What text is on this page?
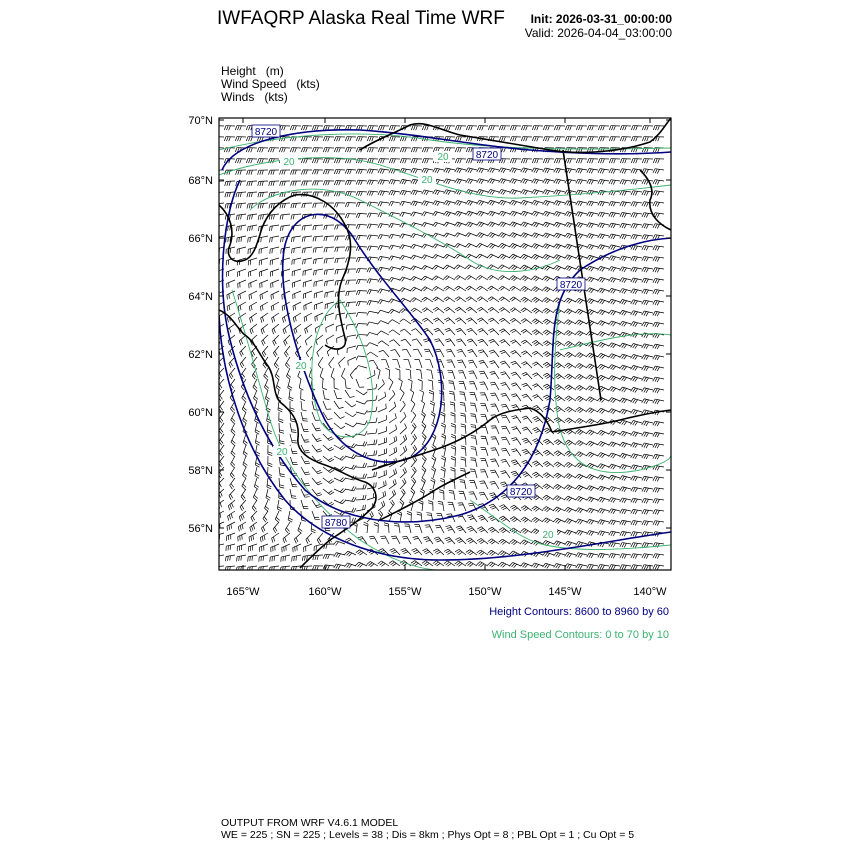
IWFAQRP Alaska Real Time WRF Init: 2026-03-31_00:00:00
Valid: 2026-04-04_03:00:00
Height (m)
Wind Speed (kts)
Winds (kts)
70°N
68°N
66°N
64°N
62°N
60°N
58°N
56°N
165°W	160°W	155°W	150°W	145°W	140°W
8720
8720
8720
8720
8780
20	20
20
20
20
20
Height Contours: 8600 to 8960 by 60
Wind Speed Contours: 0 to 70 by 10
OUTPUT FROM WRF V4.6.1 MODEL
WE = 225 ; SN = 225 ; Levels = 38 ; Dis = 8km ; Phys Opt = 8 ; PBL Opt = 1 ; Cu Opt = 5
